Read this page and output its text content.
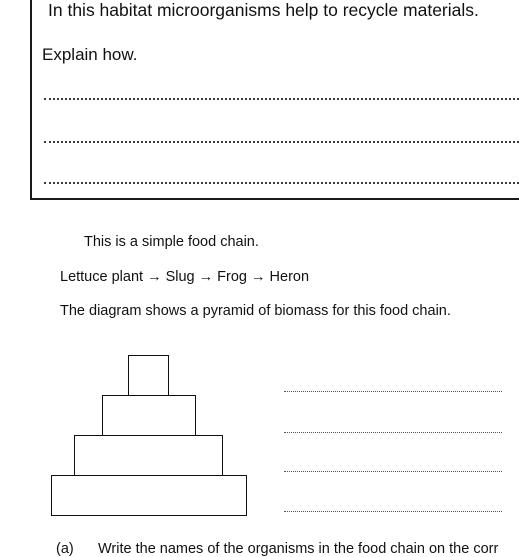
In this habitat microorganisms help to recycle materials.
Explain how.
This is a simple food chain.
Lettuce plant → Slug → Frog → Heron
The diagram shows a pyramid of biomass for this food chain.
(a) Write the names of the organisms in the food chain on the corr
